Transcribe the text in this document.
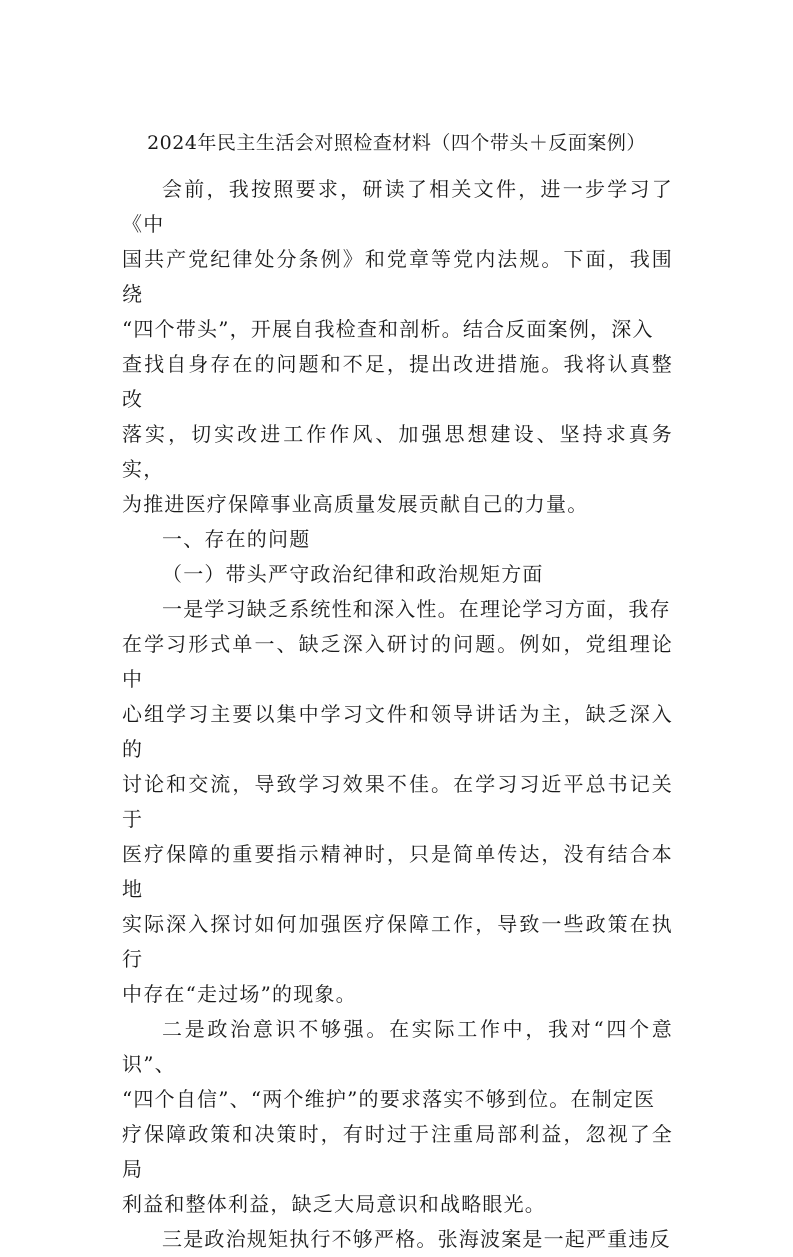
2024年民主生活会对照检查材料（四个带头＋反面案例）

会前，我按照要求，研读了相关文件，进一步学习了《中
国共产党纪律处分条例》和党章等党内法规。下面，我围绕
“四个带头”，开展自我检查和剖析。结合反面案例，深入
查找自身存在的问题和不足，提出改进措施。我将认真整改
落实，切实改进工作作风、加强思想建设、坚持求真务实，
为推进医疗保障事业高质量发展贡献自己的力量。

一、存在的问题

（一）带头严守政治纪律和政治规矩方面

一是学习缺乏系统性和深入性。在理论学习方面，我存
在学习形式单一、缺乏深入研讨的问题。例如，党组理论中
心组学习主要以集中学习文件和领导讲话为主，缺乏深入的
讨论和交流，导致学习效果不佳。在学习习近平总书记关于
医疗保障的重要指示精神时，只是简单传达，没有结合本地
实际深入探讨如何加强医疗保障工作，导致一些政策在执行
中存在“走过场”的现象。

二是政治意识不够强。在实际工作中，我对“四个意识”、
“四个自信”、“两个维护”的要求落实不够到位。在制定医
疗保障政策和决策时，有时过于注重局部利益，忽视了全局
利益和整体利益，缺乏大局意识和战略眼光。

三是政治规矩执行不够严格。张海波案是一起严重违反
